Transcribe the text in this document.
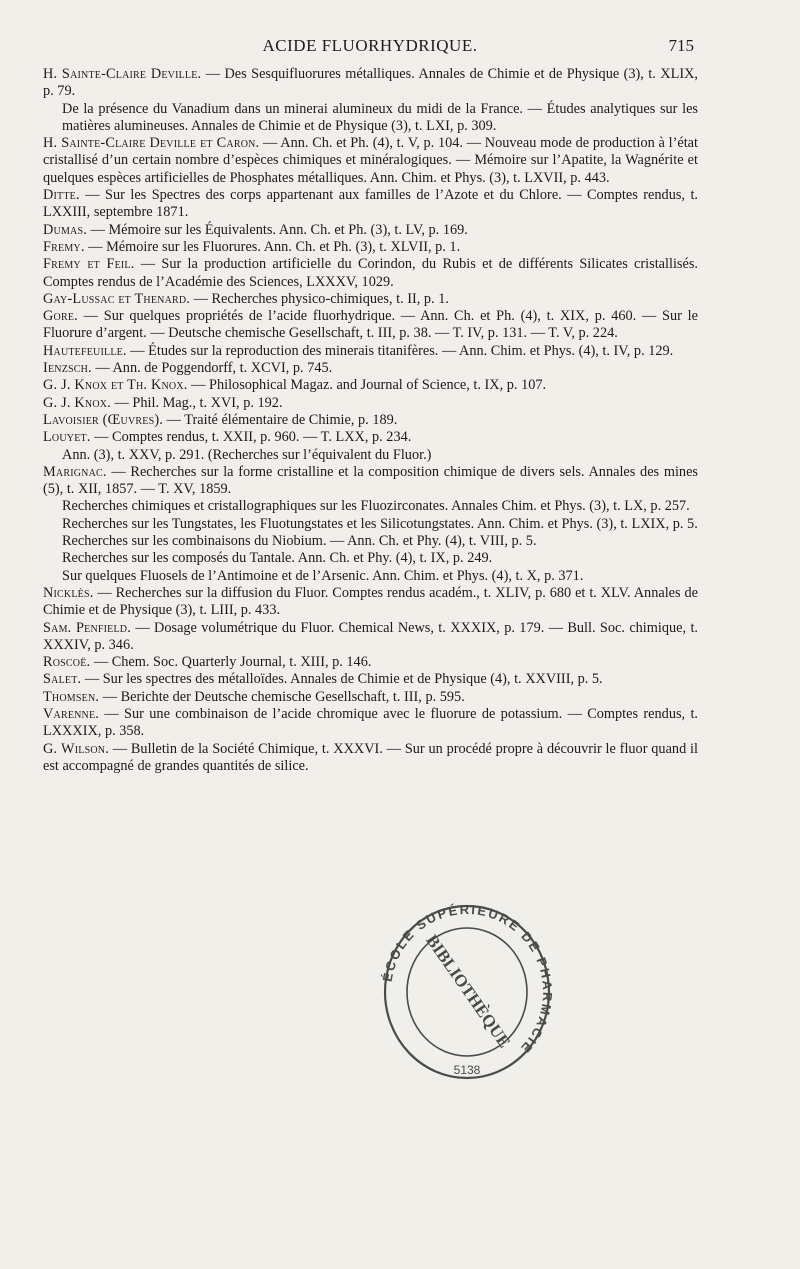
ACIDE FLUORHYDRIQUE.	715
H. Sainte-Claire Deville. — Des Sesquifluorures métalliques. Annales de Chimie et de Physique (3), t. XLIX, p. 79.
De la présence du Vanadium dans un minerai alumineux du midi de la France. — Études analytiques sur les matières alumineuses. Annales de Chimie et de Physique (3), t. LXI, p. 309.
H. Sainte-Claire Deville et Caron. — Ann. Ch. et Ph. (4), t. V, p. 104. — Nouveau mode de production à l’état cristallisé d’un certain nombre d’espèces chimiques et minéralogiques. — Mémoire sur l’Apatite, la Wagnérite et quelques espèces artificielles de Phosphates métalliques. Ann. Chim. et Phys. (3), t. LXVII, p. 443.
Ditte. — Sur les Spectres des corps appartenant aux familles de l’Azote et du Chlore. — Comptes rendus, t. LXXIII, septembre 1871.
Dumas. — Mémoire sur les Équivalents. Ann. Ch. et Ph. (3), t. LV, p. 169.
Fremy. — Mémoire sur les Fluorures. Ann. Ch. et Ph. (3), t. XLVII, p. 1.
Fremy et Feil. — Sur la production artificielle du Corindon, du Rubis et de différents Silicates cristallisés. Comptes rendus de l’Académie des Sciences, LXXXV, 1029.
Gay-Lussac et Thenard. — Recherches physico-chimiques, t. II, p. 1.
Gore. — Sur quelques propriétés de l’acide fluorhydrique. — Ann. Ch. et Ph. (4), t. XIX, p. 460. — Sur le Fluorure d’argent. — Deutsche chemische Gesellschaft, t. III, p. 38. — T. IV, p. 131. — T. V, p. 224.
Hautefeuille. — Études sur la reproduction des minerais titanifères. — Ann. Chim. et Phys. (4), t. IV, p. 129.
Ienzsch. — Ann. de Poggendorff, t. XCVI, p. 745.
G. J. Knox et Th. Knox. — Philosophical Magaz. and Journal of Science, t. IX, p. 107.
G. J. Knox. — Phil. Mag., t. XVI, p. 192.
Lavoisier (Œuvres). — Traité élémentaire de Chimie, p. 189.
Louyet. — Comptes rendus, t. XXII, p. 960. — T. LXX, p. 234.
Ann. (3), t. XXV, p. 291. (Recherches sur l’équivalent du Fluor.)
Marignac. — Recherches sur la forme cristalline et la composition chimique de divers sels. Annales des mines (5), t. XII, 1857. — T. XV, 1859.
Recherches chimiques et cristallographiques sur les Fluozirconates. Annales Chim. et Phys. (3), t. LX, p. 257.
Recherches sur les Tungstates, les Fluotungstates et les Silicotungstates. Ann. Chim. et Phys. (3), t. LXIX, p. 5.
Recherches sur les combinaisons du Niobium. — Ann. Ch. et Phy. (4), t. VIII, p. 5.
Recherches sur les composés du Tantale. Ann. Ch. et Phy. (4), t. IX, p. 249.
Sur quelques Fluosels de l’Antimoine et de l’Arsenic. Ann. Chim. et Phys. (4), t. X, p. 371.
Nicklès. — Recherches sur la diffusion du Fluor. Comptes rendus académ., t. XLIV, p. 680 et t. XLV. Annales de Chimie et de Physique (3), t. LIII, p. 433.
Sam. Penfield. — Dosage volumétrique du Fluor. Chemical News, t. XXXIX, p. 179. — Bull. Soc. chimique, t. XXXIV, p. 346.
Roscoë. — Chem. Soc. Quarterly Journal, t. XIII, p. 146.
Salet. — Sur les spectres des métalloïdes. Annales de Chimie et de Physique (4), t. XXVIII, p. 5.
Thomsen. — Berichte der Deutsche chemische Gesellschaft, t. III, p. 595.
Varenne. — Sur une combinaison de l’acide chromique avec le fluorure de potassium. — Comptes rendus, t. LXXXIX, p. 358.
G. Wilson. — Bulletin de la Société Chimique, t. XXXVI. — Sur un procédé propre à découvrir le fluor quand il est accompagné de grandes quantités de silice.
ÉCOLE SUPÉRIEURE DE PHARMACIE
BIBLIOTHÈQUE
5138
